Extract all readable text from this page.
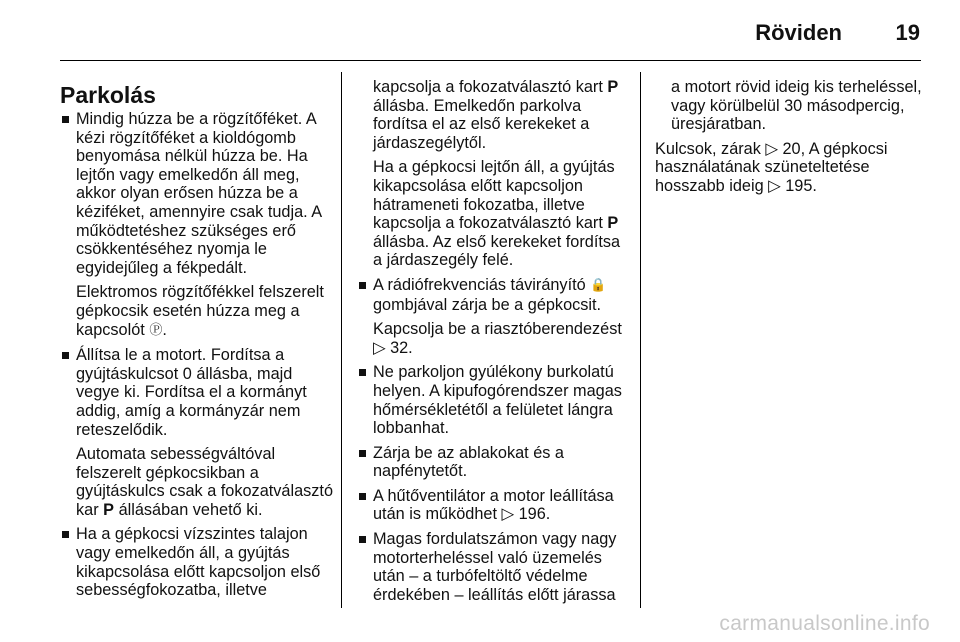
Röviden 19
Parkolás

Mindig húzza be a rögzítőféket. A kézi rögzítőféket a kioldógomb benyomása nélkül húzza be. Ha lejtőn vagy emelkedőn áll meg, akkor olyan erősen húzza be a kéziféket, amennyire csak tudja. A működtetéshez szükséges erő csökkentéséhez nyomja le egyidejűleg a fékpedált.

Elektromos rögzítőfékkel felszerelt gépkocsik esetén húzza meg a kapcsolót Ⓟ.

Állítsa le a motort. Fordítsa a gyújtáskulcsot 0 állásba, majd vegye ki. Fordítsa el a kormányt addig, amíg a kormányzár nem reteszelődik.

Automata sebességváltóval felszerelt gépkocsikban a gyújtáskulcs csak a fokozatválasztó kar P állásában vehető ki.

Ha a gépkocsi vízszintes talajon vagy emelkedőn áll, a gyújtás kikapcsolása előtt kapcsoljon első sebességfokozatba, illetve

kapcsolja a fokozatválasztó kart P állásba. Emelkedőn parkolva fordítsa el az első kerekeket a járdaszegélytől.

Ha a gépkocsi lejtőn áll, a gyújtás kikapcsolása előtt kapcsoljon hátrameneti fokozatba, illetve kapcsolja a fokozatválasztó kart P állásba. Az első kerekeket fordítsa a járdaszegély felé.

A rádiófrekvenciás távirányító 🔒 gombjával zárja be a gépkocsit.

Kapcsolja be a riasztóberendezést ▷ 32.

Ne parkoljon gyúlékony burkolatú helyen. A kipufogórendszer magas hőmérsékletétől a felületet lángra lobbanhat.

Zárja be az ablakokat és a napfénytetőt.

A hűtőventilátor a motor leállítása után is működhet ▷ 196.

Magas fordulatszámon vagy nagy motorterheléssel való üzemelés után – a turbófeltöltő védelme érdekében – leállítás előtt járassa

a motort rövid ideig kis terheléssel, vagy körülbelül 30 másodpercig, üresjáratban.

Kulcsok, zárak ▷ 20, A gépkocsi használatának szüneteltetése hosszabb ideig ▷ 195.

carmanualsonline.info
